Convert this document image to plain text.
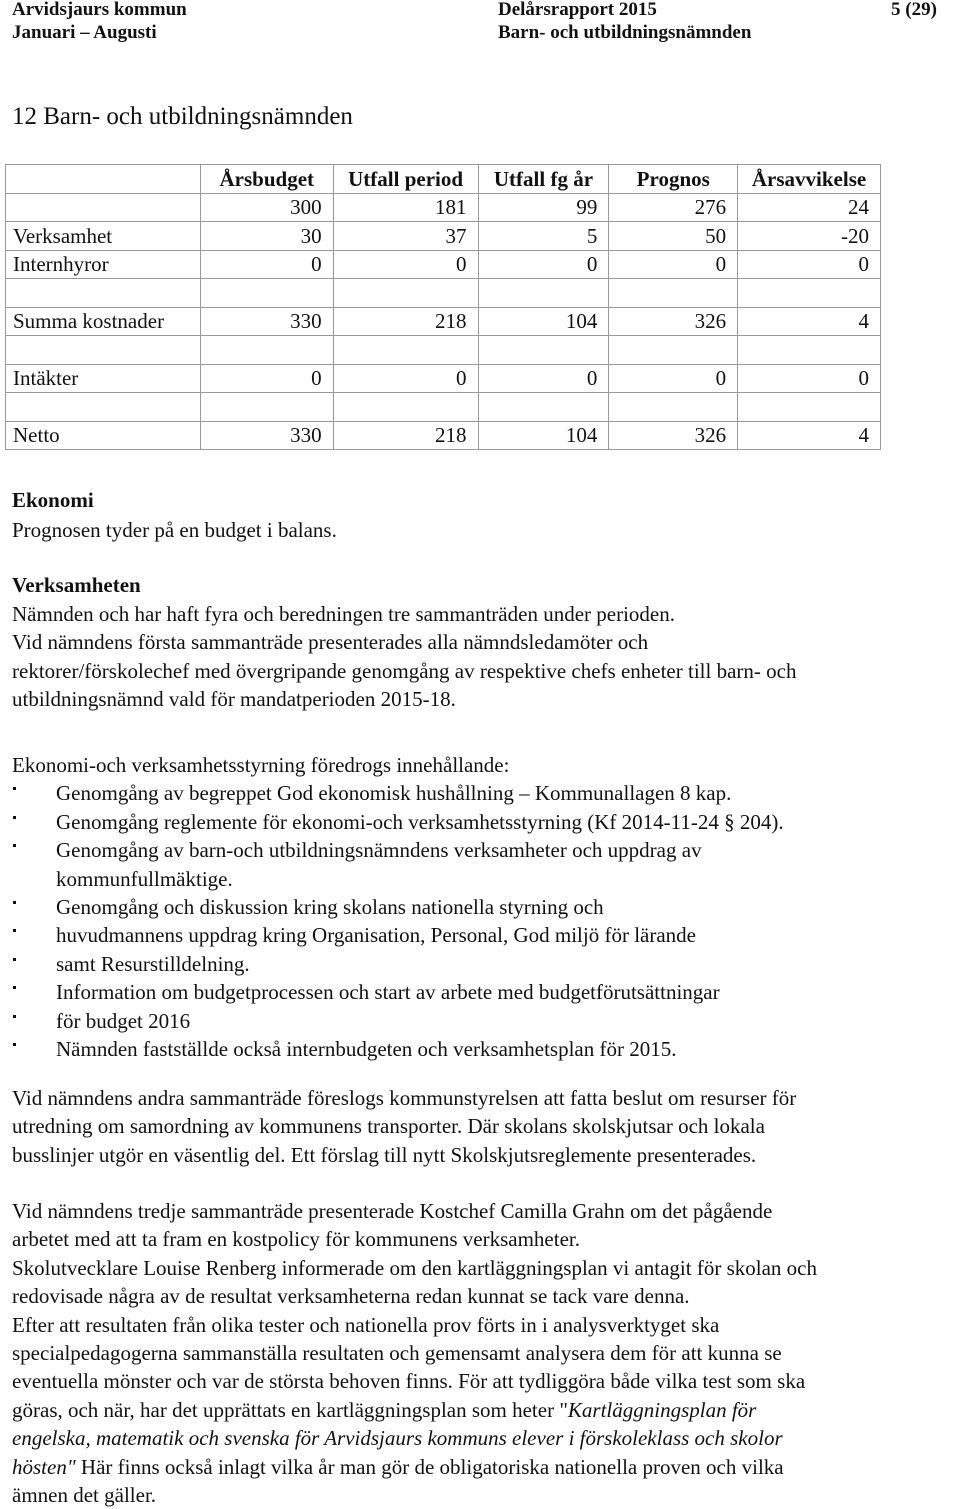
Arvidsjaurs kommun	Delårsrapport 2015	5 (29)
Januari – Augusti	Barn- och utbildningsnämnden
12 Barn- och utbildningsnämnden
	Årsbudget	Utfall period	Utfall fg år	Prognos	Årsavvikelse
	300	181	99	276	24
Verksamhet	30	37	5	50	-20
Internhyror	0	0	0	0	0

Summa kostnader	330	218	104	326	4

Intäkter	0	0	0	0	0

Netto	330	218	104	326	4
Ekonomi
Prognosen tyder på en budget i balans.
Verksamheten
Nämnden och har haft fyra och beredningen tre sammanträden under perioden.
Vid nämndens första sammanträde presenterades alla nämndsledamöter och
rektorer/förskolechef med övergripande genomgång av respektive chefs enheter till barn- och
utbildningsnämnd vald för mandatperioden 2015-18.
Ekonomi-och verksamhetsstyrning föredrogs innehållande:
Genomgång av begreppet God ekonomisk hushållning – Kommunallagen 8 kap.
Genomgång reglemente för ekonomi-och verksamhetsstyrning (Kf 2014-11-24 § 204).
Genomgång av barn-och utbildningsnämndens verksamheter och uppdrag av
kommunfullmäktige.
Genomgång och diskussion kring skolans nationella styrning och
huvudmannens uppdrag kring Organisation, Personal, God miljö för lärande
samt Resurstilldelning.
Information om budgetprocessen och start av arbete med budgetförutsättningar
för budget 2016
Nämnden fastställde också internbudgeten och verksamhetsplan för 2015.
Vid nämndens andra sammanträde föreslogs kommunstyrelsen att fatta beslut om resurser för
utredning om samordning av kommunens transporter. Där skolans skolskjutsar och lokala
busslinjer utgör en väsentlig del. Ett förslag till nytt Skolskjutsreglemente presenterades.
Vid nämndens tredje sammanträde presenterade Kostchef Camilla Grahn om det pågående
arbetet med att ta fram en kostpolicy för kommunens verksamheter.
Skolutvecklare Louise Renberg informerade om den kartläggningsplan vi antagit för skolan och
redovisade några av de resultat verksamheterna redan kunnat se tack vare denna.
Efter att resultaten från olika tester och nationella prov förts in i analysverktyget ska
specialpedagogerna sammanställa resultaten och gemensamt analysera dem för att kunna se
eventuella mönster och var de största behoven finns. För att tydliggöra både vilka test som ska
göras, och när, har det upprättats en kartläggningsplan som heter "Kartläggningsplan för
engelska, matematik och svenska för Arvidsjaurs kommuns elever i förskoleklass och skolor
hösten" Här finns också inlagt vilka år man gör de obligatoriska nationella proven och vilka
ämnen det gäller.
